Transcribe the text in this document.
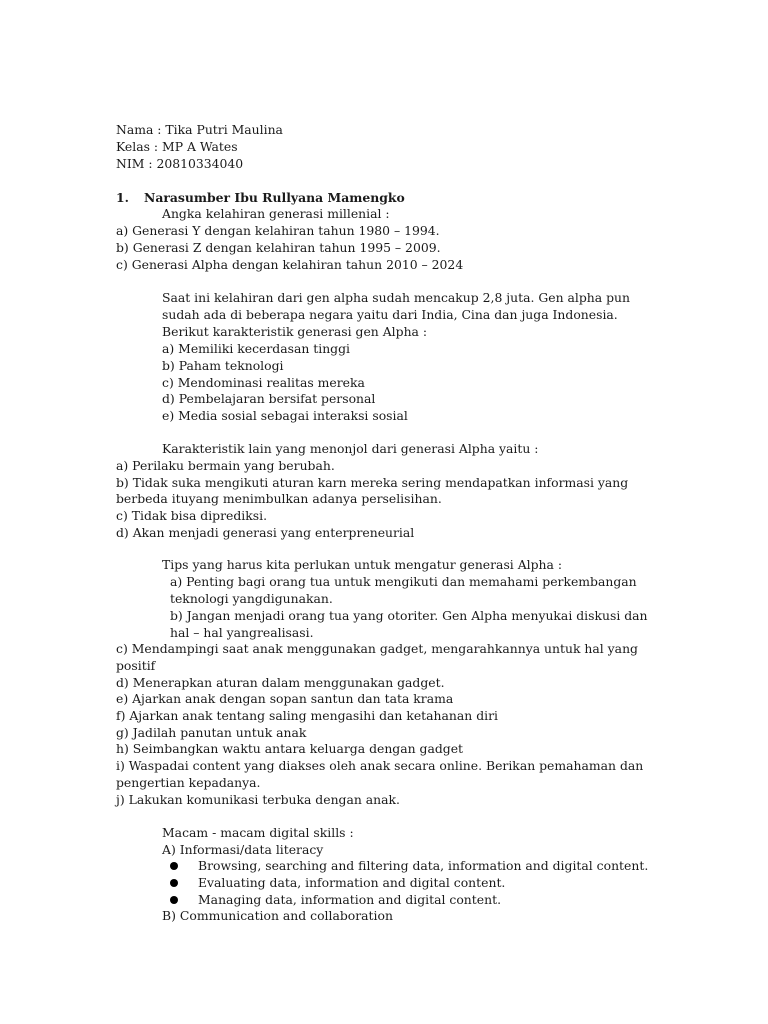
Nama : Tika Putri Maulina
Kelas : MP A Wates
NIM : 20810334040
1. Narasumber Ibu Rullyana Mamengko
Angka kelahiran generasi millenial :
a) Generasi Y dengan kelahiran tahun 1980 – 1994.
b) Generasi Z dengan kelahiran tahun 1995 – 2009.
c) Generasi Alpha dengan kelahiran tahun 2010 – 2024
Saat ini kelahiran dari gen alpha sudah mencakup 2,8 juta. Gen alpha pun
sudah ada di beberapa negara yaitu dari India, Cina dan juga Indonesia.
Berikut karakteristik generasi gen Alpha :
a) Memiliki kecerdasan tinggi
b) Paham teknologi
c) Mendominasi realitas mereka
d) Pembelajaran bersifat personal
e) Media sosial sebagai interaksi sosial
Karakteristik lain yang menonjol dari generasi Alpha yaitu :
a) Perilaku bermain yang berubah.
b) Tidak suka mengikuti aturan karn mereka sering mendapatkan informasi yang
berbeda ituyang menimbulkan adanya perselisihan.
c) Tidak bisa diprediksi.
d) Akan menjadi generasi yang enterpreneurial
Tips yang harus kita perlukan untuk mengatur generasi Alpha :
a) Penting bagi orang tua untuk mengikuti dan memahami perkembangan
teknologi yangdigunakan.
b) Jangan menjadi orang tua yang otoriter. Gen Alpha menyukai diskusi dan
hal – hal yangrealisasi.
c) Mendampingi saat anak menggunakan gadget, mengarahkannya untuk hal yang
positif
d) Menerapkan aturan dalam menggunakan gadget.
e) Ajarkan anak dengan sopan santun dan tata krama
f) Ajarkan anak tentang saling mengasihi dan ketahanan diri
g) Jadilah panutan untuk anak
h) Seimbangkan waktu antara keluarga dengan gadget
i) Waspadai content yang diakses oleh anak secara online. Berikan pemahaman dan
pengertian kepadanya.
j) Lakukan komunikasi terbuka dengan anak.
Macam - macam digital skills :
A) Informasi/data literacy
Browsing, searching and filtering data, information and digital content.
Evaluating data, information and digital content.
Managing data, information and digital content.
B) Communication and collaboration
